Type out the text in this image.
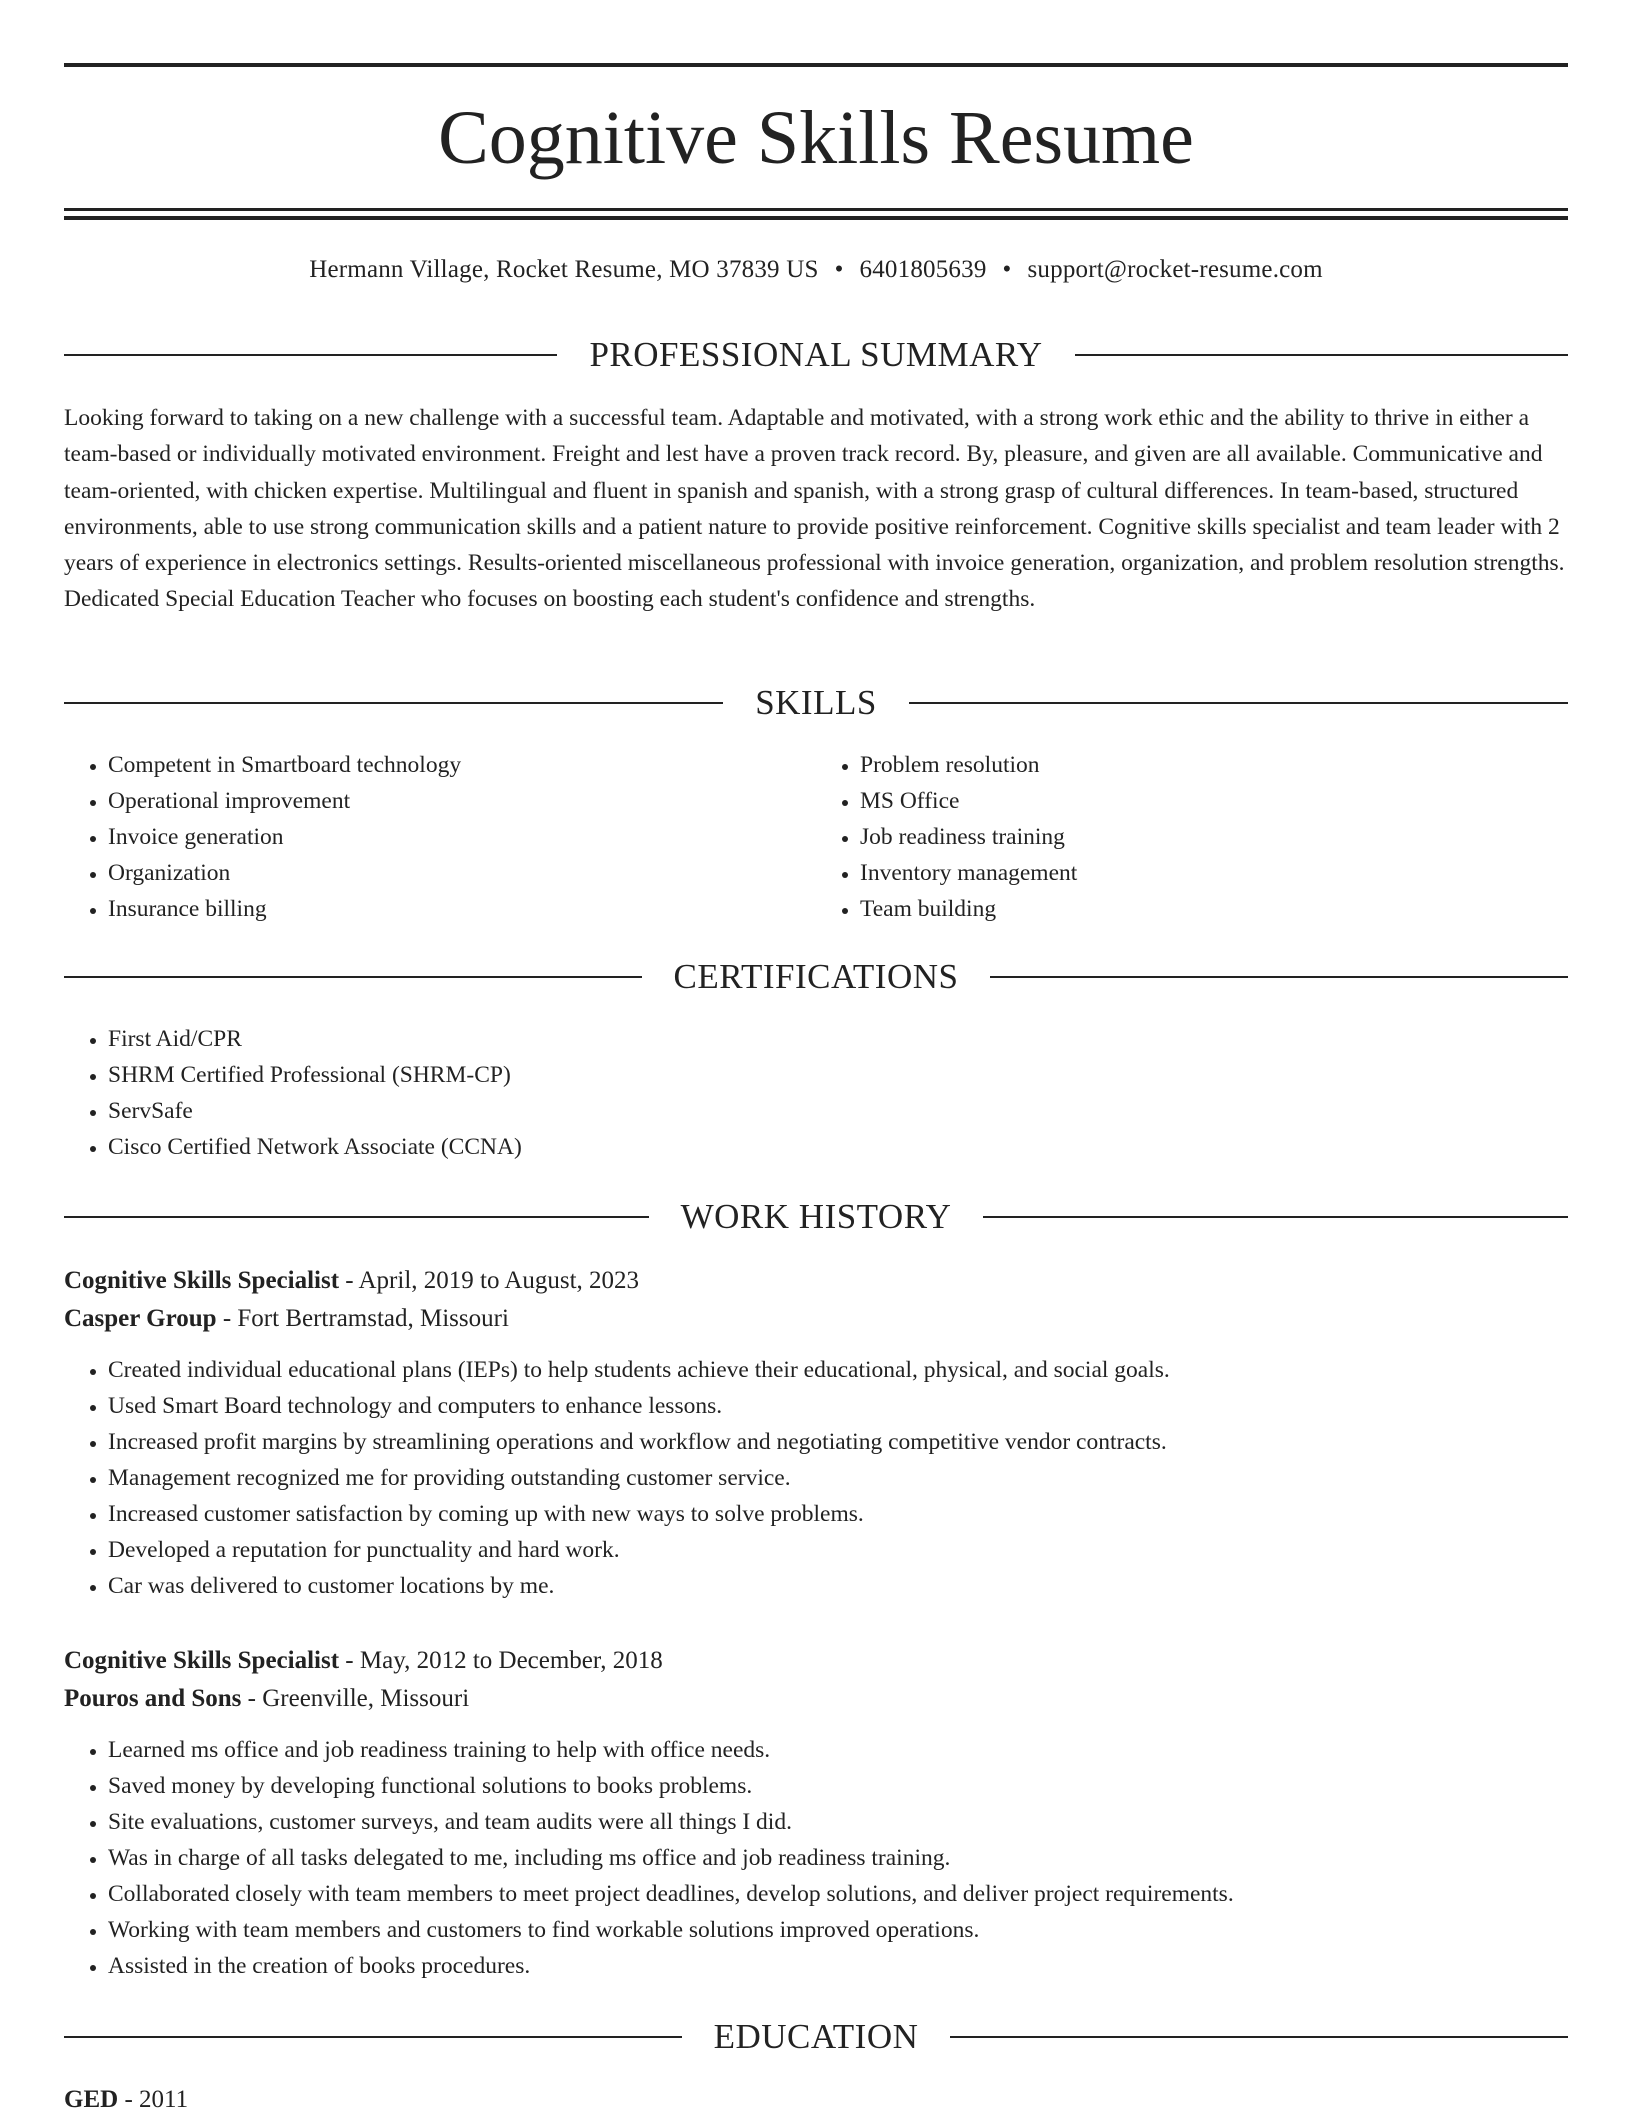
Cognitive Skills Resume
Hermann Village, Rocket Resume, MO 37839 US • 6401805639 • support@rocket-resume.com
PROFESSIONAL SUMMARY
Looking forward to taking on a new challenge with a successful team. Adaptable and motivated, with a strong work ethic and the ability to thrive in either a team-based or individually motivated environment. Freight and lest have a proven track record. By, pleasure, and given are all available. Communicative and team-oriented, with chicken expertise. Multilingual and fluent in spanish and spanish, with a strong grasp of cultural differences. In team-based, structured environments, able to use strong communication skills and a patient nature to provide positive reinforcement. Cognitive skills specialist and team leader with 2 years of experience in electronics settings. Results-oriented miscellaneous professional with invoice generation, organization, and problem resolution strengths. Dedicated Special Education Teacher who focuses on boosting each student's confidence and strengths.
SKILLS
• Competent in Smartboard technology
• Operational improvement
• Invoice generation
• Organization
• Insurance billing
• Problem resolution
• MS Office
• Job readiness training
• Inventory management
• Team building
CERTIFICATIONS
• First Aid/CPR
• SHRM Certified Professional (SHRM-CP)
• ServSafe
• Cisco Certified Network Associate (CCNA)
WORK HISTORY
Cognitive Skills Specialist - April, 2019 to August, 2023
Casper Group - Fort Bertramstad, Missouri
• Created individual educational plans (IEPs) to help students achieve their educational, physical, and social goals.
• Used Smart Board technology and computers to enhance lessons.
• Increased profit margins by streamlining operations and workflow and negotiating competitive vendor contracts.
• Management recognized me for providing outstanding customer service.
• Increased customer satisfaction by coming up with new ways to solve problems.
• Developed a reputation for punctuality and hard work.
• Car was delivered to customer locations by me.
Cognitive Skills Specialist - May, 2012 to December, 2018
Pouros and Sons - Greenville, Missouri
• Learned ms office and job readiness training to help with office needs.
• Saved money by developing functional solutions to books problems.
• Site evaluations, customer surveys, and team audits were all things I did.
• Was in charge of all tasks delegated to me, including ms office and job readiness training.
• Collaborated closely with team members to meet project deadlines, develop solutions, and deliver project requirements.
• Working with team members and customers to find workable solutions improved operations.
• Assisted in the creation of books procedures.
EDUCATION
GED - 2011
